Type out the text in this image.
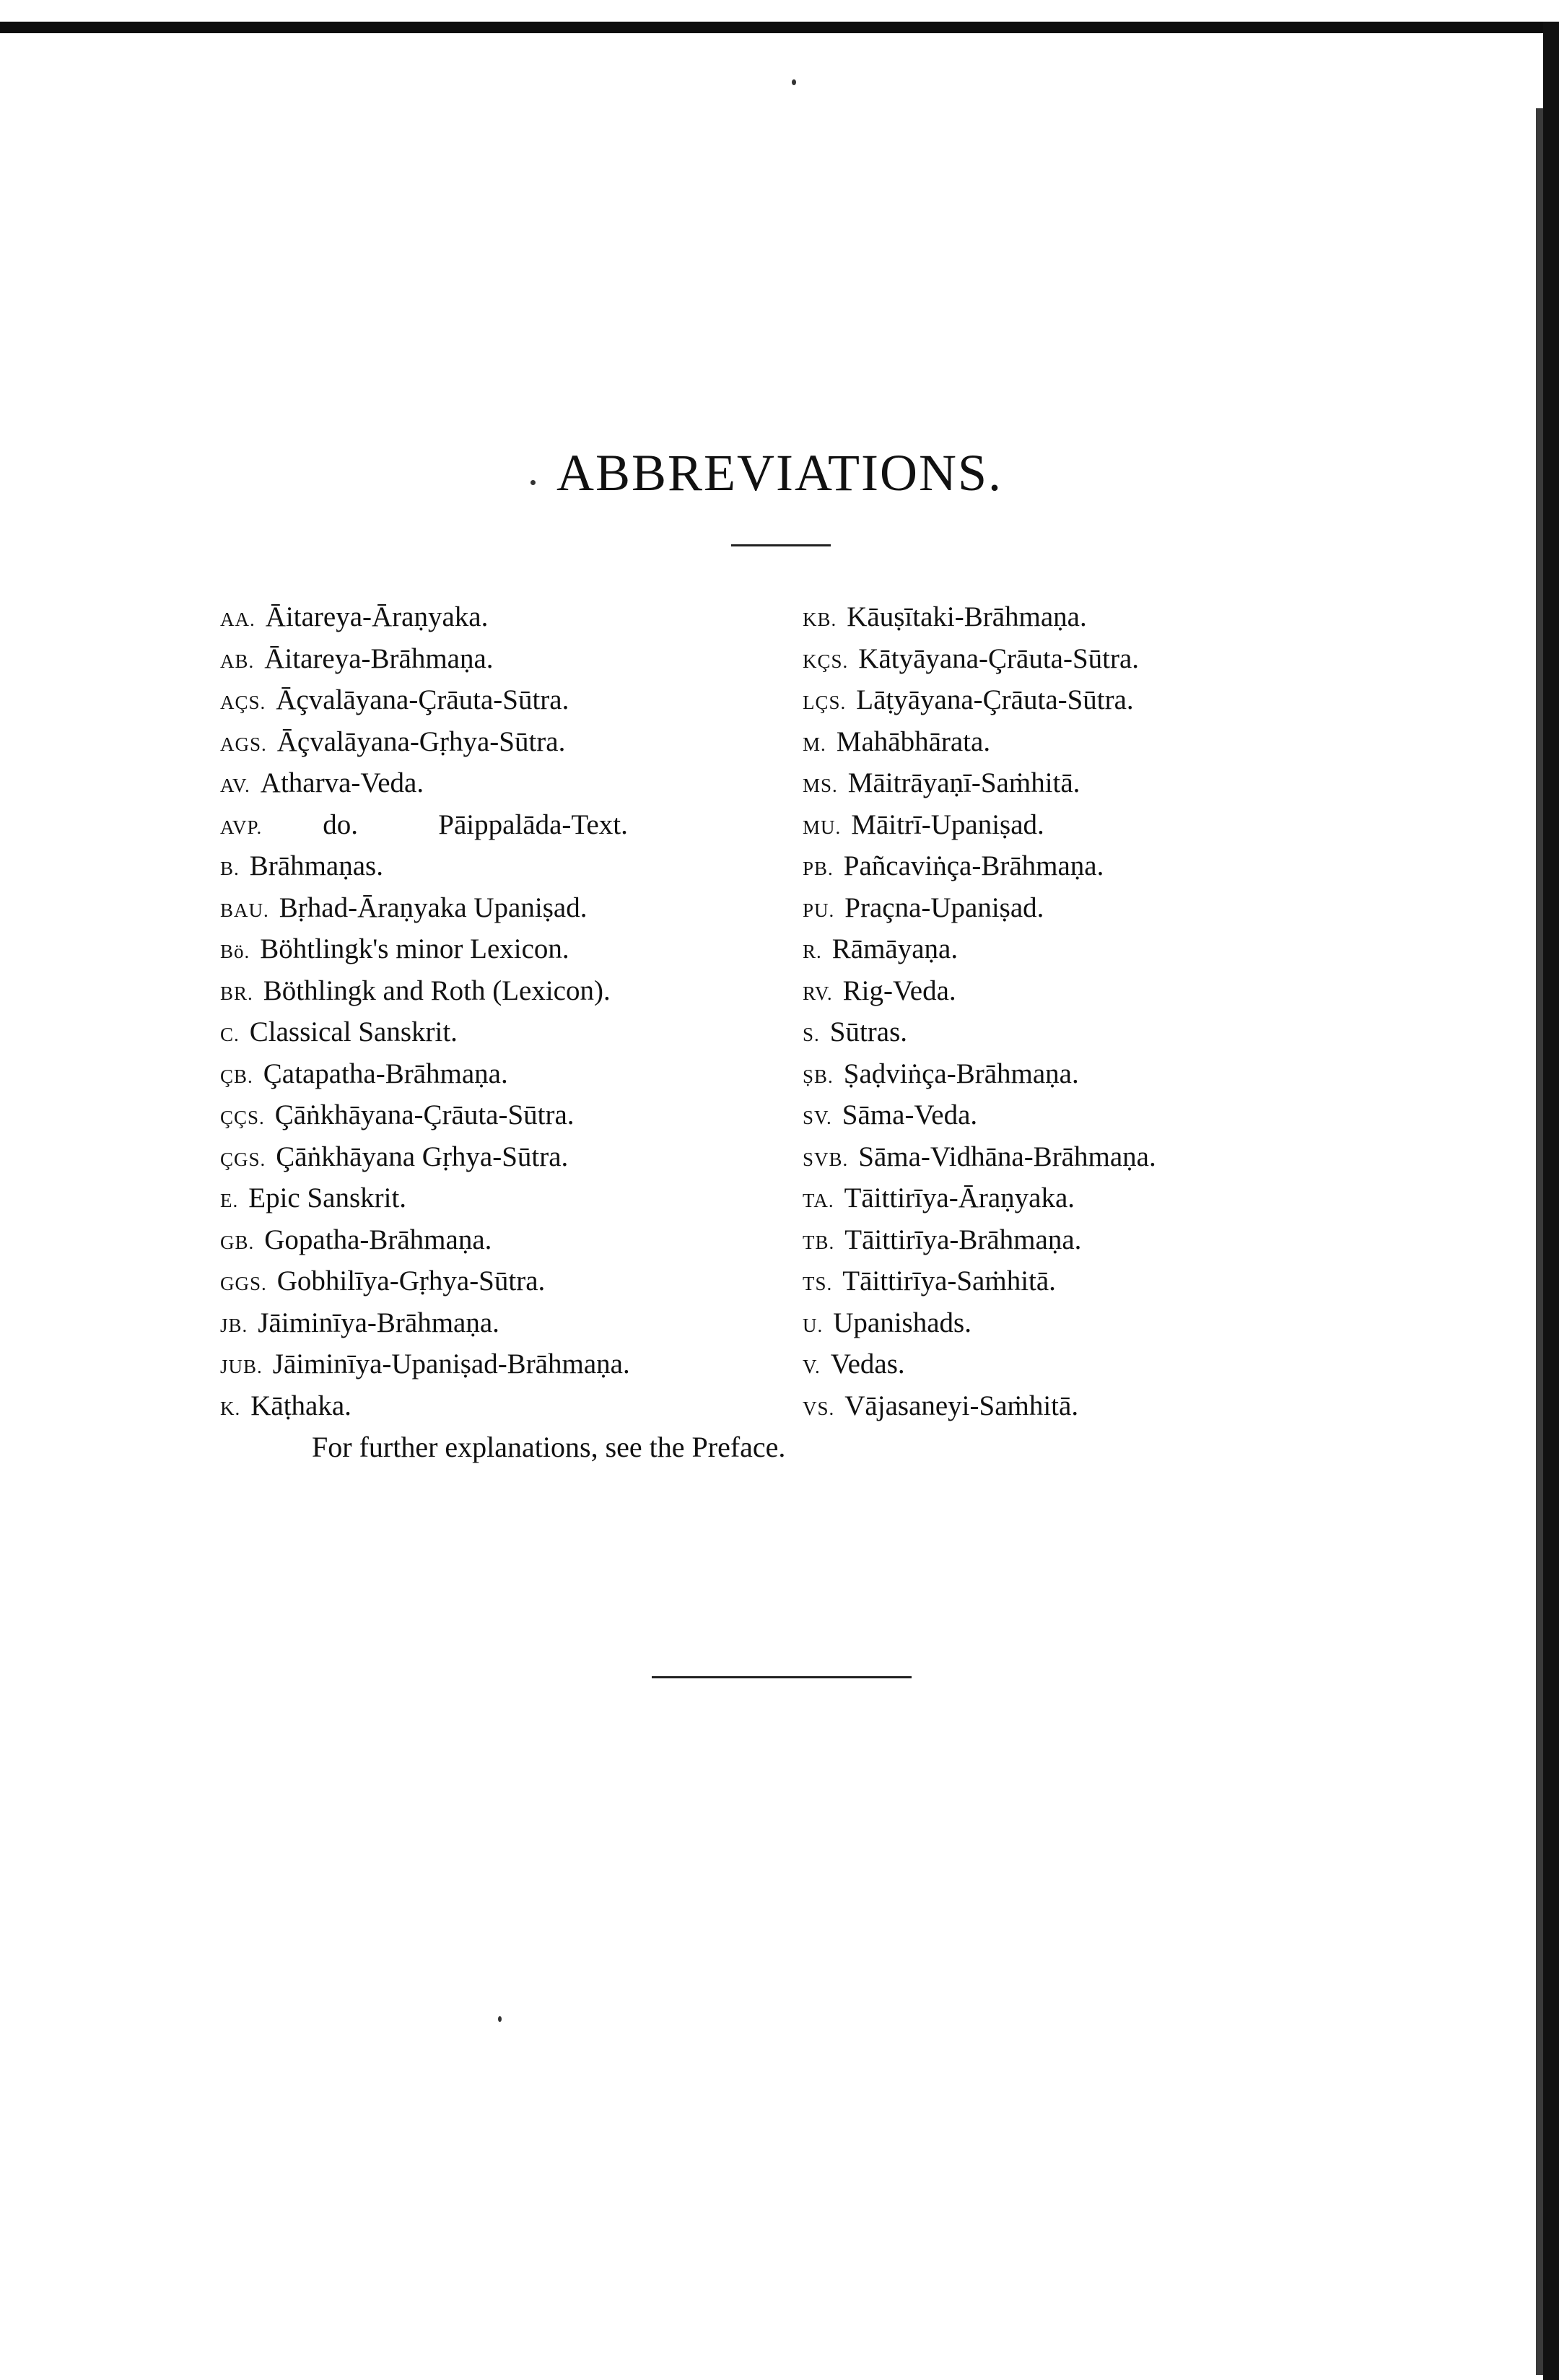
ABBREVIATIONS.
AA. Āitareya-Āraṇyaka.
AB. Āitareya-Brāhmaṇa.
AÇS. Āçvalāyana-Çrāuta-Sūtra.
AGS. Āçvalāyana-Gṛhya-Sūtra.
AV. Atharva-Veda.
AVP. do.	Pāippalāda-Text.
B. Brāhmaṇas.
BAU. Bṛhad-Āraṇyaka Upaniṣad.
Bö. Böhtlingk's minor Lexicon.
BR. Böthlingk and Roth (Lexicon).
C. Classical Sanskrit.
ÇB. Çatapatha-Brāhmaṇa.
ÇÇS. Çāṅkhāyana-Çrāuta-Sūtra.
ÇGS. Çāṅkhāyana Gṛhya-Sūtra.
E. Epic Sanskrit.
GB. Gopatha-Brāhmaṇa.
GGS. Gobhilīya-Gṛhya-Sūtra.
JB. Jāiminīya-Brāhmaṇa.
JUB. Jāiminīya-Upaniṣad-Brāhmaṇa.
K. Kāṭhaka.
KB. Kāuṣītaki-Brāhmaṇa.
KÇS. Kātyāyana-Çrāuta-Sūtra.
LÇS. Lāṭyāyana-Çrāuta-Sūtra.
M. Mahābhārata.
MS. Māitrāyaṇī-Saṁhitā.
MU. Māitrī-Upaniṣad.
PB. Pañcaviṅça-Brāhmaṇa.
PU. Praçna-Upaniṣad.
R. Rāmāyaṇa.
RV. Rig-Veda.
S. Sūtras.
ṢB. Ṣaḍviṅça-Brāhmaṇa.
SV. Sāma-Veda.
SVB. Sāma-Vidhāna-Brāhmaṇa.
TA. Tāittirīya-Āraṇyaka.
TB. Tāittirīya-Brāhmaṇa.
TS. Tāittirīya-Saṁhitā.
U. Upanishads.
V. Vedas.
VS. Vājasaneyi-Saṁhitā.
For further explanations, see the Preface.
